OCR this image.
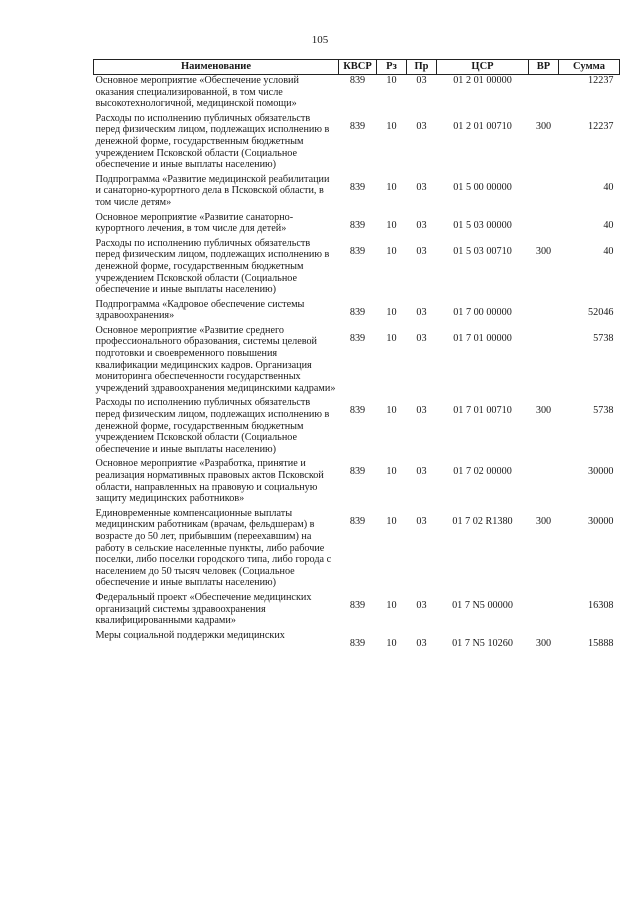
105
Наименование	КВСР	Рз	Пр	ЦСР	ВР	Сумма
Основное мероприятие «Обеспечение условий оказания специализированной, в том числе высокотехнологичной, медицинской помощи»	839	10	03	01 2 01 00000		12237
Расходы по исполнению публичных обязательств перед физическим лицом, подлежащих исполнению в денежной форме, государственным бюджетным учреждением Псковской области (Социальное обеспечение и иные выплаты населению)	839	10	03	01 2 01 00710	300	12237
Подпрограмма «Развитие медицинской реабилитации и санаторно-курортного дела в Псковской области, в том числе детям»	839	10	03	01 5 00 00000		40
Основное мероприятие «Развитие санаторно-курортного лечения, в том числе для детей»	839	10	03	01 5 03 00000		40
Расходы по исполнению публичных обязательств перед физическим лицом, подлежащих исполнению в денежной форме, государственным бюджетным учреждением Псковской области (Социальное обеспечение и иные выплаты населению)	839	10	03	01 5 03 00710	300	40
Подпрограмма «Кадровое обеспечение системы здравоохранения»	839	10	03	01 7 00 00000		52046
Основное мероприятие «Развитие среднего профессионального образования, системы целевой подготовки и своевременного повышения квалификации медицинских кадров. Организация мониторинга обеспеченности государственных учреждений здравоохранения медицинскими кадрами»	839	10	03	01 7 01 00000		5738
Расходы по исполнению публичных обязательств перед физическим лицом, подлежащих исполнению в денежной форме, государственным бюджетным учреждением Псковской области (Социальное обеспечение и иные выплаты населению)	839	10	03	01 7 01 00710	300	5738
Основное мероприятие «Разработка, принятие и реализация нормативных правовых актов Псковской области, направленных на правовую и социальную защиту медицинских работников»	839	10	03	01 7 02 00000		30000
Единовременные компенсационные выплаты медицинским работникам (врачам, фельдшерам) в возрасте до 50 лет, прибывшим (переехавшим) на работу в сельские населенные пункты, либо рабочие поселки, либо поселки городского типа, либо города с населением до 50 тысяч человек (Социальное обеспечение и иные выплаты населению)	839	10	03	01 7 02 R1380	300	30000
Федеральный проект «Обеспечение медицинских организаций системы здравоохранения квалифицированными кадрами»	839	10	03	01 7 N5 00000		16308
Меры социальной поддержки медицинских	839	10	03	01 7 N5 10260	300	15888
